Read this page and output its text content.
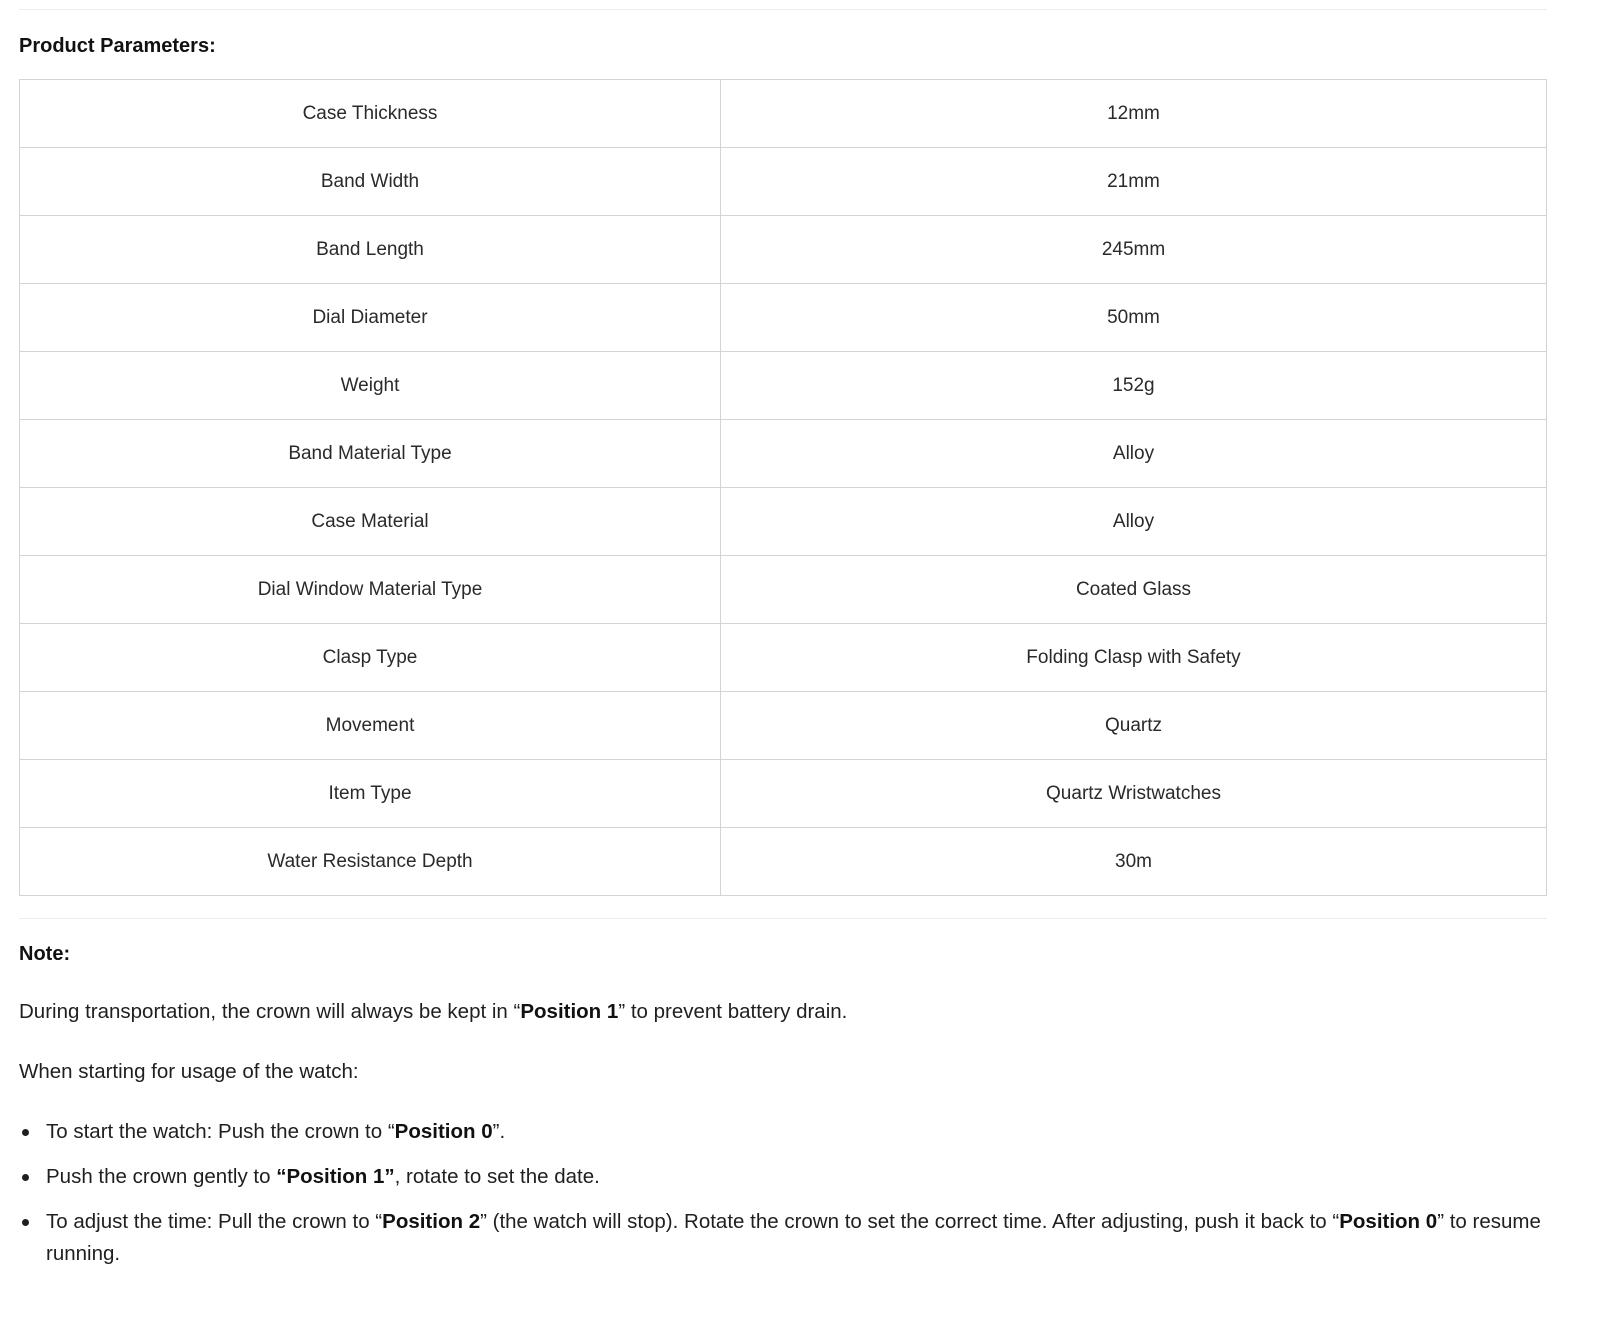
Product Parameters:
Case Thickness	12mm
Band Width	21mm
Band Length	245mm
Dial Diameter	50mm
Weight	152g
Band Material Type	Alloy
Case Material	Alloy
Dial Window Material Type	Coated Glass
Clasp Type	Folding Clasp with Safety
Movement	Quartz
Item Type	Quartz Wristwatches
Water Resistance Depth	30m
Note:

During transportation, the crown will always be kept in “Position 1” to prevent battery drain.

When starting for usage of the watch:

To start the watch: Push the crown to “Position 0”.
Push the crown gently to “Position 1”, rotate to set the date.
To adjust the time: Pull the crown to “Position 2” (the watch will stop). Rotate the crown to set the correct time. After adjusting, push it back to “Position 0” to resume running.
